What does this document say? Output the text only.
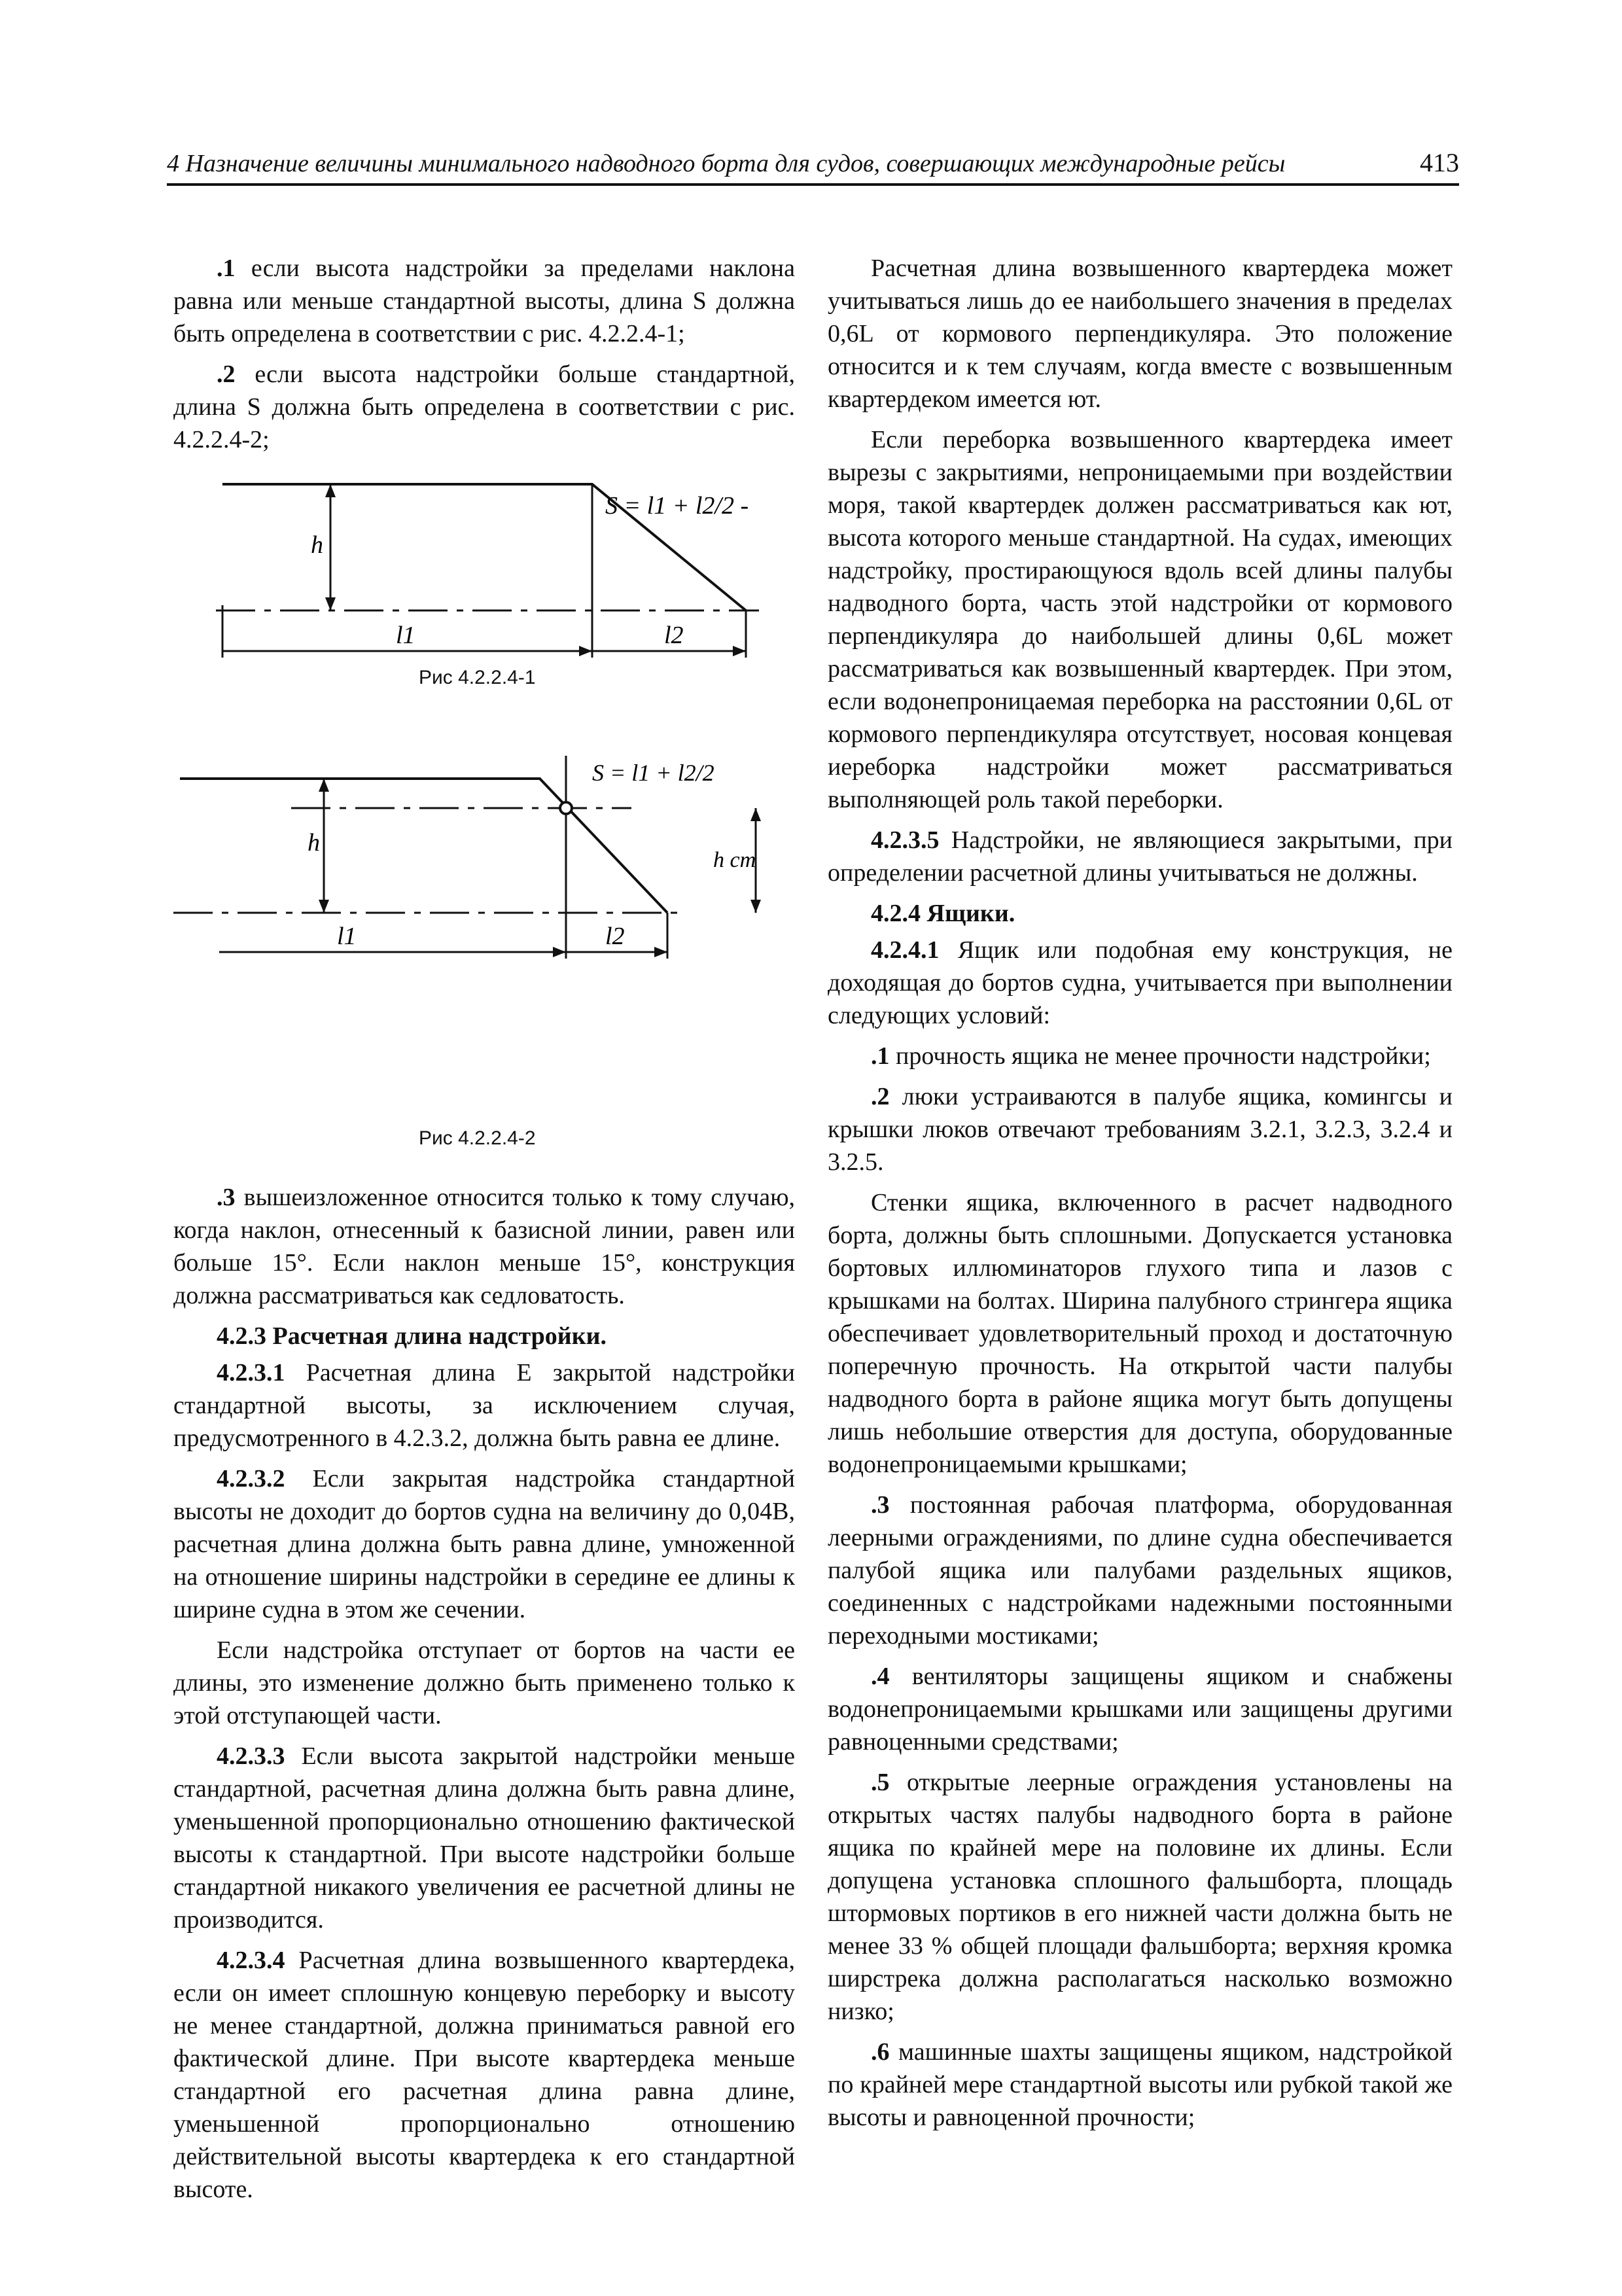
4 Назначение величины минимального надводного борта для судов, совершающих международные рейсы	413

.1 если высота надстройки за пределами наклона равна или меньше стандартной высоты, длина S должна быть определена в соответствии с рис. 4.2.2.4-1;

.2 если высота надстройки больше стандартной, длина S должна быть определена в соответствии с рис. 4.2.2.4-2;

S = l1 + l2/2 -
h
l1	l2
S = l1 + l2/2
h
h ст
l1	l2
Рис 4.2.2.4-1
Рис 4.2.2.4-2

.3 вышеизложенное относится только к тому случаю, когда наклон, отнесенный к базисной линии, равен или больше 15°. Если наклон меньше 15°, конструкция должна рассматриваться как седловатость.

4.2.3 Расчетная длина надстройки.

4.2.3.1 Расчетная длина E закрытой надстройки стандартной высоты, за исключением случая, предусмотренного в 4.2.3.2, должна быть равна ее длине.

4.2.3.2 Если закрытая надстройка стандартной высоты не доходит до бортов судна на величину до 0,04B, расчетная длина должна быть равна длине, умноженной на отношение ширины надстройки в середине ее длины к ширине судна в этом же сечении.

Если надстройка отступает от бортов на части ее длины, это изменение должно быть применено только к этой отступающей части.

4.2.3.3 Если высота закрытой надстройки меньше стандартной, расчетная длина должна быть равна длине, уменьшенной пропорционально отношению фактической высоты к стандартной. При высоте надстройки больше стандартной никакого увеличения ее расчетной длины не производится.

4.2.3.4 Расчетная длина возвышенного квартердека, если он имеет сплошную концевую переборку и высоту не менее стандартной, должна приниматься равной его фактической длине. При высоте квартердека меньше стандартной его расчетная длина равна длине, уменьшенной пропорционально отношению действительной высоты квартердека к его стандартной высоте.

Расчетная длина возвышенного квартердека может учитываться лишь до ее наибольшего значения в пределах 0,6L от кормового перпендикуляра. Это положение относится и к тем случаям, когда вместе с возвышенным квартердеком имеется ют.

Если переборка возвышенного квартердека имеет вырезы с закрытиями, непроницаемыми при воздействии моря, такой квартердек должен рассматриваться как ют, высота которого меньше стандартной. На судах, имеющих надстройку, простирающуюся вдоль всей длины палубы надводного борта, часть этой надстройки от кормового перпендикуляра до наибольшей длины 0,6L может рассматриваться как возвышенный квартердек. При этом, если водонепроницаемая переборка на расстоянии 0,6L от кормового перпендикуляра отсутствует, носовая концевая иереборка надстройки может рассматриваться выполняющей роль такой переборки.

4.2.3.5 Надстройки, не являющиеся закрытыми, при определении расчетной длины учитываться не должны.

4.2.4 Ящики.

4.2.4.1 Ящик или подобная ему конструкция, не доходящая до бортов судна, учитывается при выполнении следующих условий:

.1 прочность ящика не менее прочности надстройки;

.2 люки устраиваются в палубе ящика, комингсы и крышки люков отвечают требованиям 3.2.1, 3.2.3, 3.2.4 и 3.2.5.

Стенки ящика, включенного в расчет надводного борта, должны быть сплошными. Допускается установка бортовых иллюминаторов глухого типа и лазов с крышками на болтах. Ширина палубного стрингера ящика обеспечивает удовлетворительный проход и достаточную поперечную прочность. На открытой части палубы надводного борта в районе ящика могут быть допущены лишь небольшие отверстия для доступа, оборудованные водонепроницаемыми крышками;

.3 постоянная рабочая платформа, оборудованная леерными ограждениями, по длине судна обеспечивается палубой ящика или палубами раздельных ящиков, соединенных с надстройками надежными постоянными переходными мостиками;

.4 вентиляторы защищены ящиком и снабжены водонепроницаемыми крышками или защищены другими равноценными средствами;

.5 открытые леерные ограждения установлены на открытых частях палубы надводного борта в районе ящика по крайней мере на половине их длины. Если допущена установка сплошного фальшборта, площадь штормовых портиков в его нижней части должна быть не менее 33 % общей площади фальшборта; верхняя кромка ширстрека должна располагаться насколько возможно низко;

.6 машинные шахты защищены ящиком, надстройкой по крайней мере стандартной высоты или рубкой такой же высоты и равноценной прочности;
